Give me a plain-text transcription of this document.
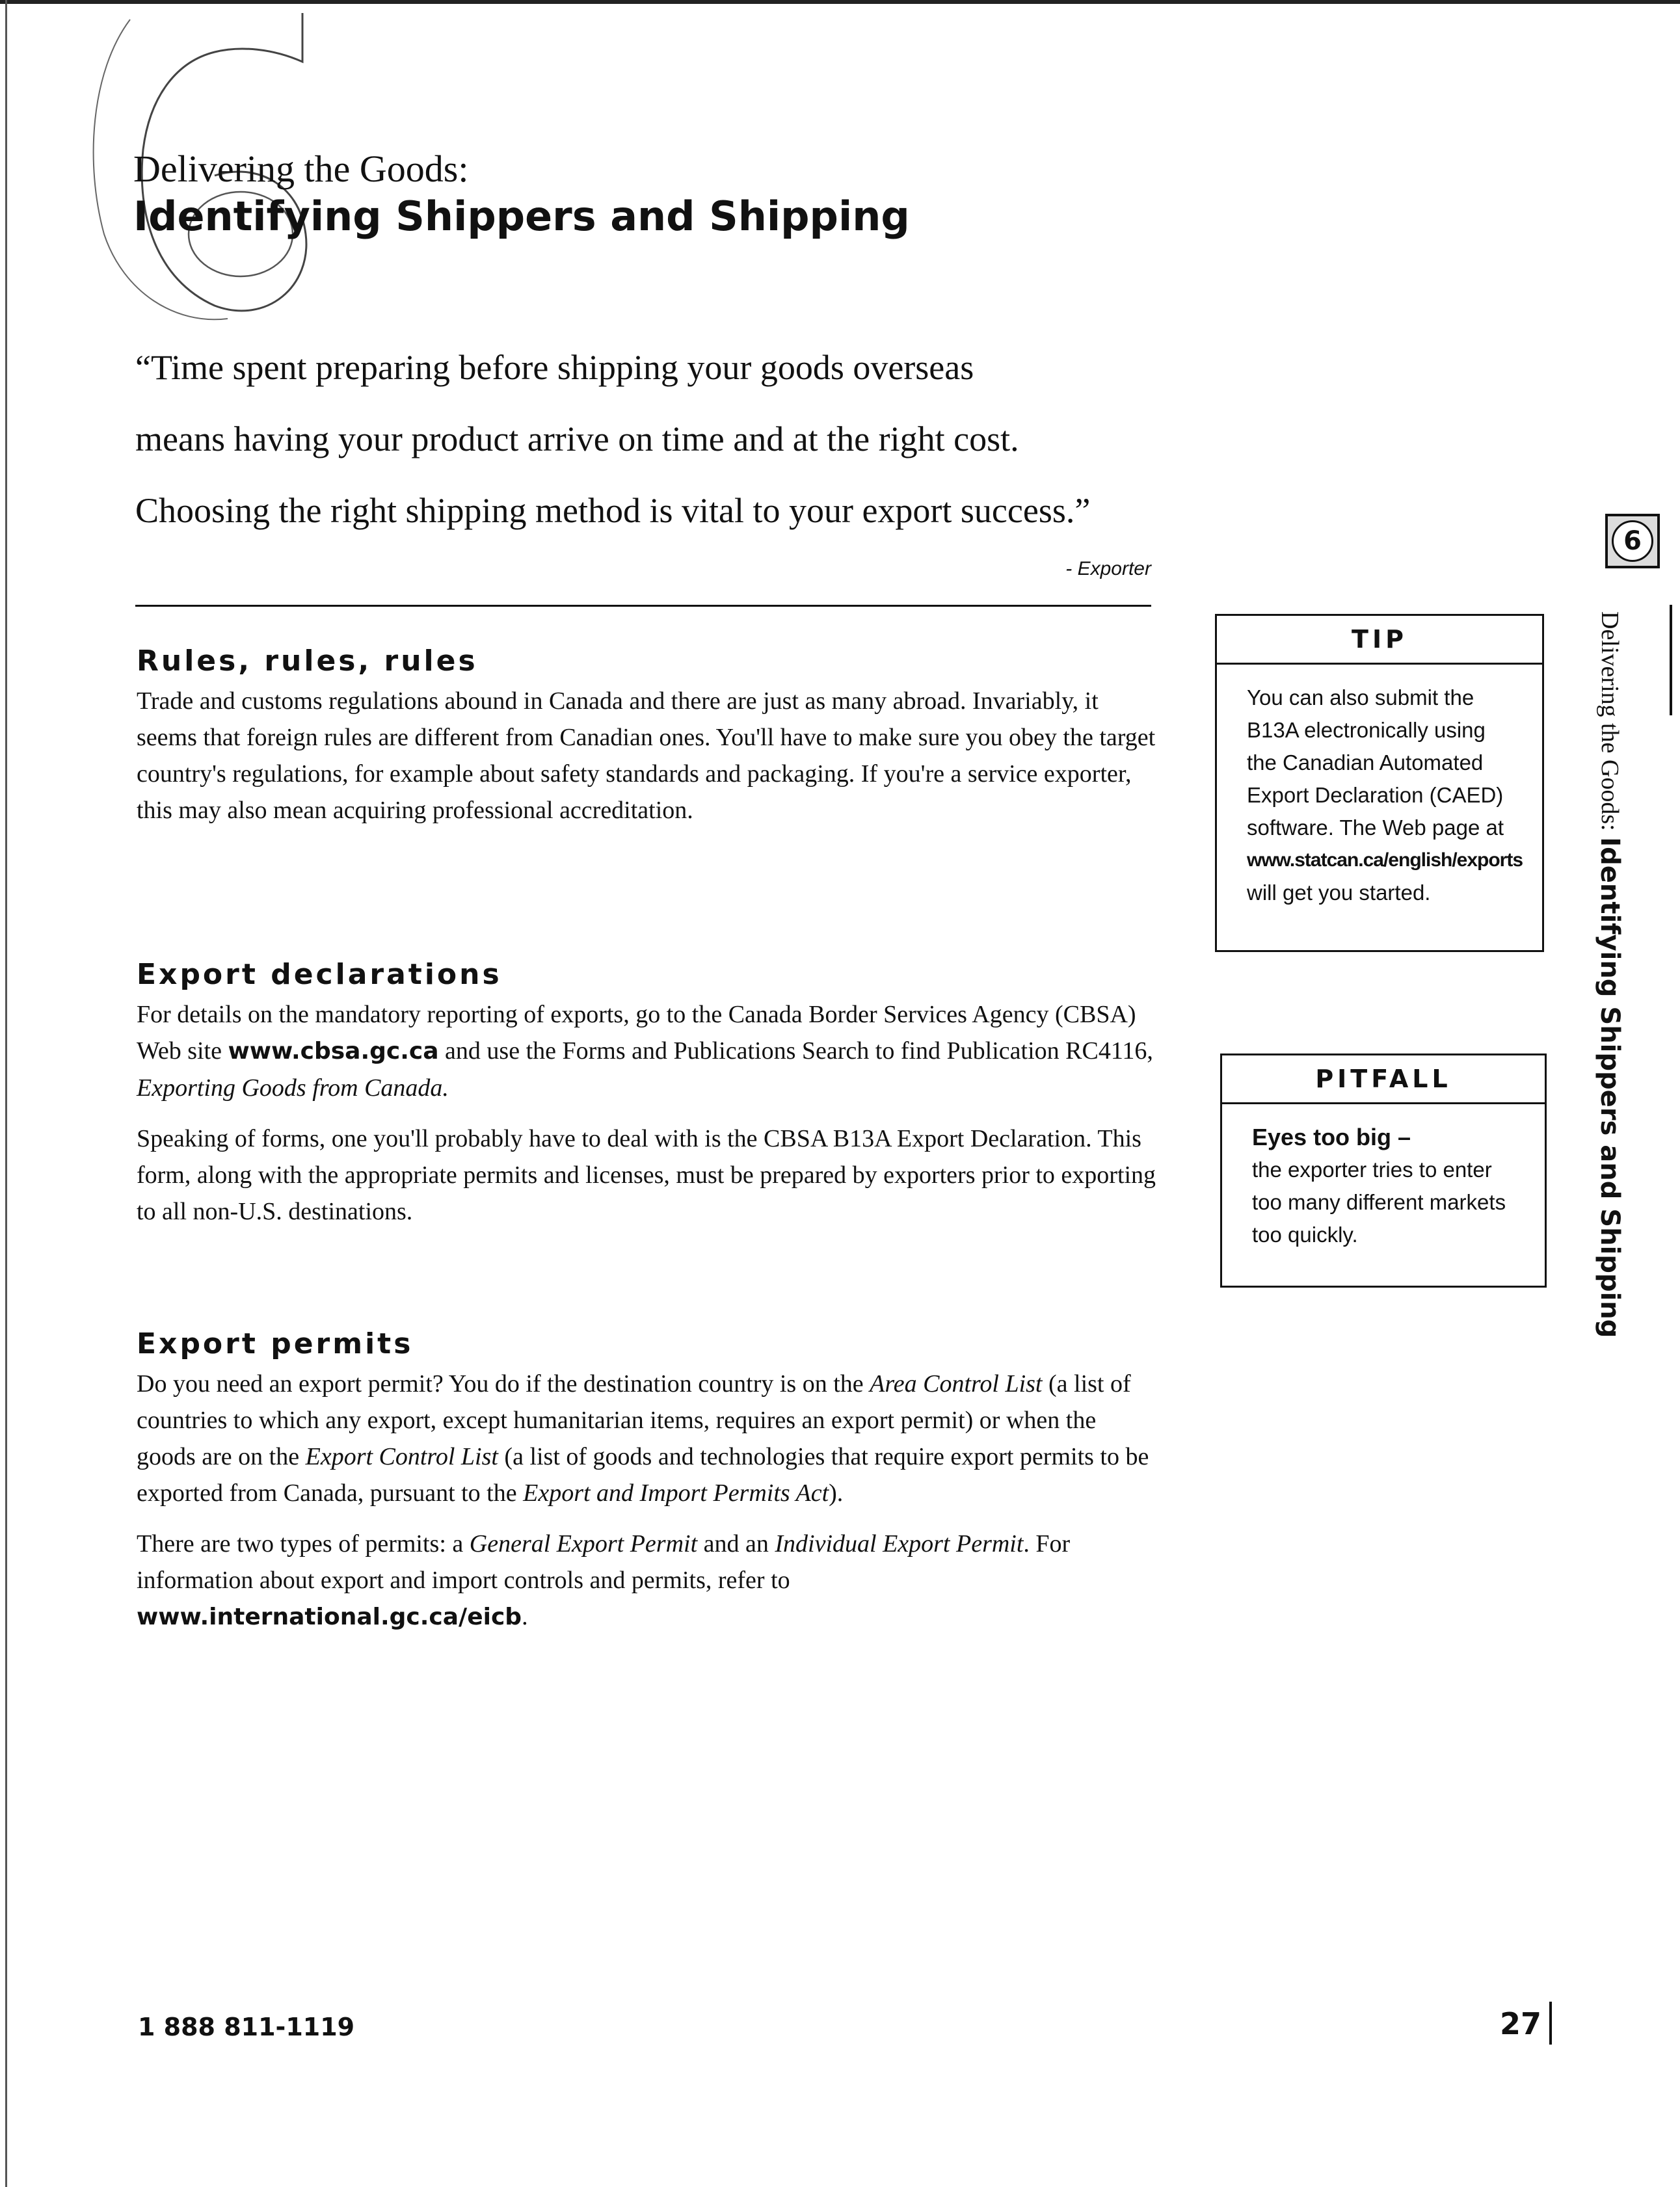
Delivering the Goods:
Identifying Shippers and Shipping

“Time spent preparing before shipping your goods overseas

means having your product arrive on time and at the right cost.

Choosing the right shipping method is vital to your export success.”

- Exporter
Rules, rules, rules

Trade and customs regulations abound in Canada and there are just as many abroad. Invariably, it seems that foreign rules are different from Canadian ones. You'll have to make sure you obey the target country's regulations, for example about safety standards and packaging. If you're a service exporter, this may also mean acquiring professional accreditation.

Export declarations

For details on the mandatory reporting of exports, go to the Canada Border Services Agency (CBSA) Web site www.cbsa.gc.ca and use the Forms and Publications Search to find Publication RC4116, Exporting Goods from Canada.

Speaking of forms, one you'll probably have to deal with is the CBSA B13A Export Declaration. This form, along with the appropriate permits and licenses, must be prepared by exporters prior to exporting to all non-U.S. destinations.

Export permits

Do you need an export permit? You do if the destination country is on the Area Control List (a list of countries to which any export, except humanitarian items, requires an export permit) or when the goods are on the Export Control List (a list of goods and technologies that require export permits to be exported from Canada, pursuant to the Export and Import Permits Act).

There are two types of permits: a General Export Permit and an Individual Export Permit. For information about export and import controls and permits, refer to www.international.gc.ca/eicb.

TIP
You can also submit the
B13A electronically using
the Canadian Automated
Export Declaration (CAED)
software. The Web page at
www.statcan.ca/english/exports
will get you started.
PITFALL
Eyes too big –
the exporter tries to enter
too many different markets
too quickly.
6
Delivering the Goods: Identifying Shippers and Shipping
1 888 811-1119	27
